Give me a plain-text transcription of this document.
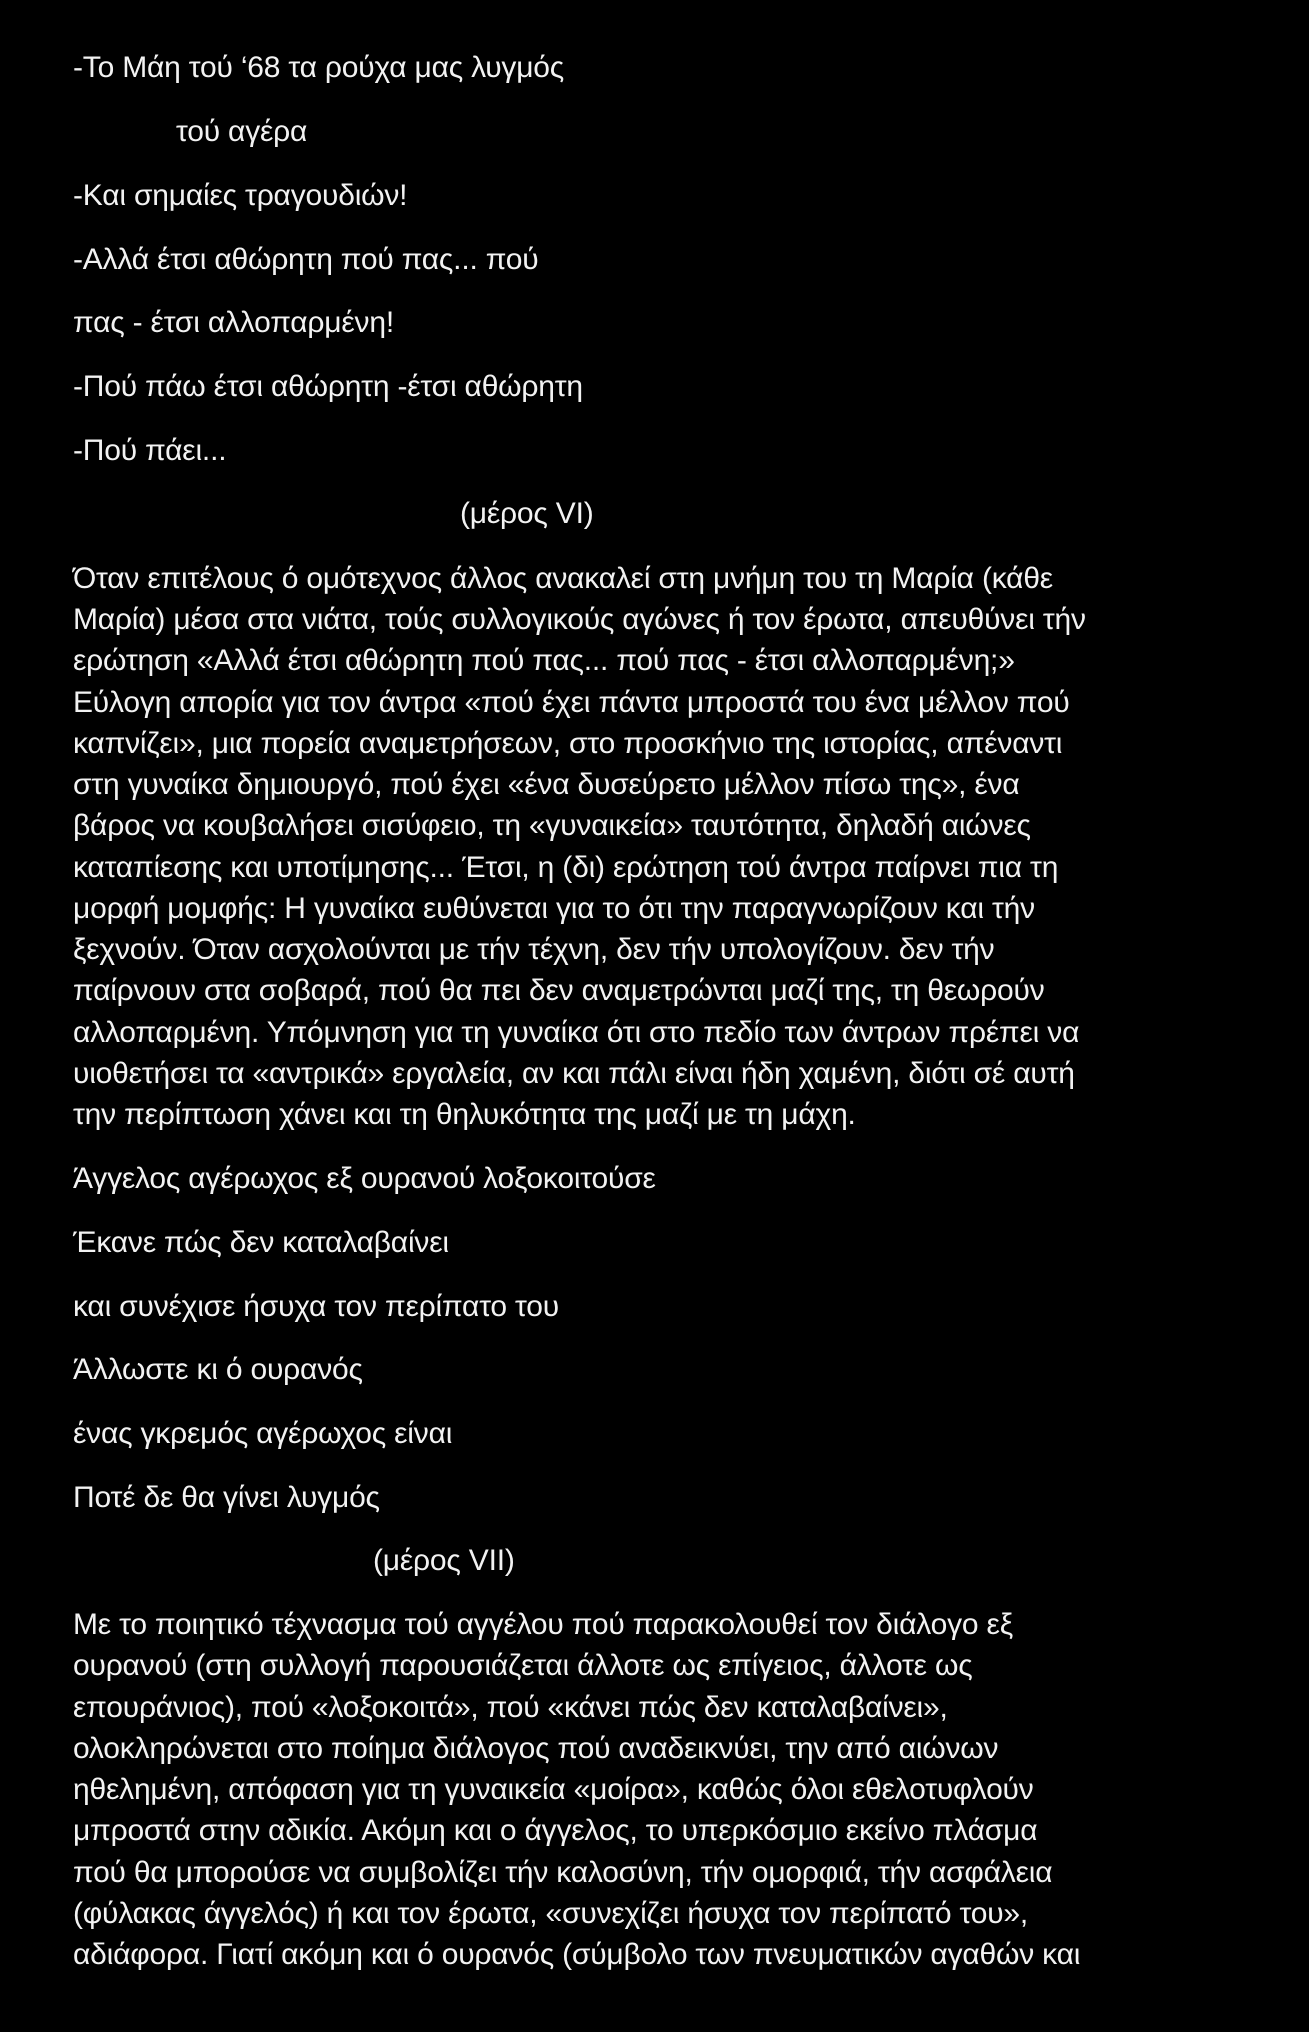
-Το Μάη τού ‘68 τα ρούχα μας λυγμός
τού αγέρα
-Και σημαίες τραγουδιών!
-Αλλά έτσι αθώρητη πού πας... πού
πας - έτσι αλλοπαρμένη!
-Πού πάω έτσι αθώρητη -έτσι αθώρητη
-Πού πάει...
(μέρος VI)
Όταν επιτέλους ό ομότεχνος άλλος ανακαλεί στη μνήμη του τη Μαρία (κάθε
Μαρία) μέσα στα νιάτα, τούς συλλογικούς αγώνες ή τον έρωτα, απευθύνει τήν
ερώτηση «Αλλά έτσι αθώρητη πού πας... πού πας - έτσι αλλοπαρμένη;»
Εύλογη απορία για τον άντρα «πού έχει πάντα μπροστά του ένα μέλλον πού
καπνίζει», μια πορεία αναμετρήσεων, στο προσκήνιο της ιστορίας, απέναντι
στη γυναίκα δημιουργό, πού έχει «ένα δυσεύρετο μέλλον πίσω της», ένα
βάρος να κουβαλήσει σισύφειο, τη «γυναικεία» ταυτότητα, δηλαδή αιώνες
καταπίεσης και υποτίμησης... Έτσι, η (δι) ερώτηση τού άντρα παίρνει πια τη
μορφή μομφής: Η γυναίκα ευθύνεται για το ότι την παραγνωρίζουν και τήν
ξεχνούν. Όταν ασχολούνται με τήν τέχνη, δεν τήν υπολογίζουν. δεν τήν
παίρνουν στα σοβαρά, πού θα πει δεν αναμετρώνται μαζί της, τη θεωρούν
αλλοπαρμένη. Υπόμνηση για τη γυναίκα ότι στο πεδίο των άντρων πρέπει να
υιοθετήσει τα «αντρικά» εργαλεία, αν και πάλι είναι ήδη χαμένη, διότι σέ αυτή
την περίπτωση χάνει και τη θηλυκότητα της μαζί με τη μάχη.
Άγγελος αγέρωχος εξ ουρανού λοξοκοιτούσε
Έκανε πώς δεν καταλαβαίνει
και συνέχισε ήσυχα τον περίπατο του
Άλλωστε κι ό ουρανός
ένας γκρεμός αγέρωχος είναι
Ποτέ δε θα γίνει λυγμός
(μέρος VII)
Με το ποιητικό τέχνασμα τού αγγέλου πού παρακολουθεί τον διάλογο εξ
ουρανού (στη συλλογή παρουσιάζεται άλλοτε ως επίγειος, άλλοτε ως
επουράνιος), πού «λοξοκοιτά», πού «κάνει πώς δεν καταλαβαίνει»,
ολοκληρώνεται στο ποίημα διάλογος πού αναδεικνύει, την από αιώνων
ηθελημένη, απόφαση για τη γυναικεία «μοίρα», καθώς όλοι εθελοτυφλούν
μπροστά στην αδικία. Ακόμη και ο άγγελος, το υπερκόσμιο εκείνο πλάσμα
πού θα μπορούσε να συμβολίζει τήν καλοσύνη, τήν ομορφιά, τήν ασφάλεια
(φύλακας άγγελός) ή και τον έρωτα, «συνεχίζει ήσυχα τον περίπατό του»,
αδιάφορα. Γιατί ακόμη και ό ουρανός (σύμβολο των πνευματικών αγαθών και
